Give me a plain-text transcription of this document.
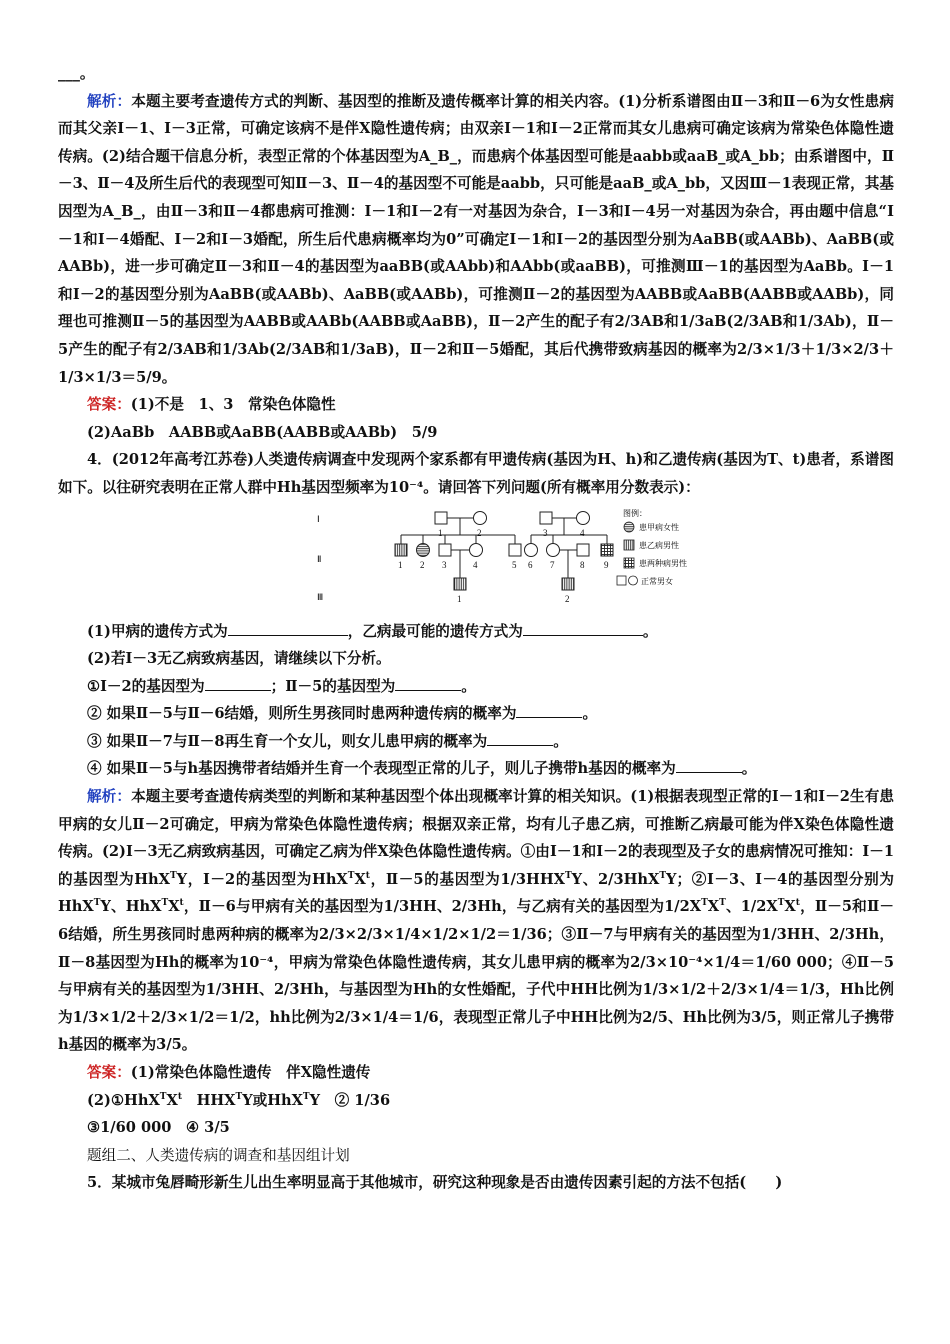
___。

解析：本题主要考查遗传方式的判断、基因型的推断及遗传概率计算的相关内容。(1)分析系谱图由Ⅱ－3和Ⅱ－6为女性患病而其父亲Ⅰ－1、Ⅰ－3正常，可确定该病不是伴X隐性遗传病；由双亲Ⅰ－1和Ⅰ－2正常而其女儿患病可确定该病为常染色体隐性遗传病。(2)结合题干信息分析，表型正常的个体基因型为A_B_，而患病个体基因型可能是aabb或aaB_或A_bb；由系谱图中，Ⅱ－3、Ⅱ－4及所生后代的表现型可知Ⅱ－3、Ⅱ－4的基因型不可能是aabb，只可能是aaB_或A_bb，又因Ⅲ－1表现正常，其基因型为A_B_，由Ⅱ－3和Ⅱ－4都患病可推测：Ⅰ－1和Ⅰ－2有一对基因为杂合，Ⅰ－3和Ⅰ－4另一对基因为杂合，再由题中信息“Ⅰ－1和Ⅰ－4婚配、Ⅰ－2和Ⅰ－3婚配，所生后代患病概率均为0”可确定Ⅰ－1和Ⅰ－2的基因型分别为AaBB(或AABb)、AaBB(或AABb)，进一步可确定Ⅱ－3和Ⅱ－4的基因型为aaBB(或AAbb)和AAbb(或aaBB)，可推测Ⅲ－1的基因型为AaBb。Ⅰ－1和Ⅰ－2的基因型分别为AaBB(或AABb)、AaBB(或AABb)，可推测Ⅱ－2的基因型为AABB或AaBB(AABB或AABb)，同理也可推测Ⅱ－5的基因型为AABB或AABb(AABB或AaBB)，Ⅱ－2产生的配子有2/3AB和1/3aB(2/3AB和1/3Ab)，Ⅱ－5产生的配子有2/3AB和1/3Ab(2/3AB和1/3aB)，Ⅱ－2和Ⅱ－5婚配，其后代携带致病基因的概率为2/3×1/3＋1/3×2/3＋1/3×1/3＝5/9。

答案：(1)不是　1、3　常染色体隐性

(2)AaBb　AABB或AaBB(AABB或AABb)　5/9

4．(2012年高考江苏卷)人类遗传病调查中发现两个家系都有甲遗传病(基因为H、h)和乙遗传病(基因为T、t)患者，系谱图如下。以往研究表明在正常人群中Hh基因型频率为10⁻⁴。请回答下列问题(所有概率用分数表示)：

Ⅰ
Ⅱ
Ⅲ
1	2	3	4
1 2 3	4	5 6 7	8 9
1	2
图例：
患甲病女性
患乙病男性
患两种病男性
正常男女

(1)甲病的遗传方式为	，乙病最可能的遗传方式为	。

(2)若Ⅰ－3无乙病致病基因，请继续以下分析。

①Ⅰ－2的基因型为	；Ⅱ－5的基因型为	。

② 如果Ⅱ－5与Ⅱ－6结婚，则所生男孩同时患两种遗传病的概率为	。

③ 如果Ⅱ－7与Ⅱ－8再生育一个女儿，则女儿患甲病的概率为	。

④ 如果Ⅱ－5与h基因携带者结婚并生育一个表现型正常的儿子，则儿子携带h基因的概率为	。

解析：本题主要考查遗传病类型的判断和某种基因型个体出现概率计算的相关知识。(1)根据表现型正常的Ⅰ－1和Ⅰ－2生有患甲病的女儿Ⅱ－2可确定，甲病为常染色体隐性遗传病；根据双亲正常，均有儿子患乙病，可推断乙病最可能为伴X染色体隐性遗传病。(2)Ⅰ－3无乙病致病基因，可确定乙病为伴X染色体隐性遗传病。①由Ⅰ－1和Ⅰ－2的表现型及子女的患病情况可推知：Ⅰ－1的基因型为HhX$^T$Y，Ⅰ－2的基因型为$HhX^TX^t$，Ⅱ－5的基因型为$1/3HHX^TY$、2/3HhX$^T$Y；②Ⅰ－3、Ⅰ－4的基因型分别为HhX$^T$Y、$HhX^TX^t$，Ⅱ－6与甲病有关的基因型为1/3HH、2/3Hh，与乙病有关的基因型为$1/2X^TX^T$、$1/2X^TX^t$，Ⅱ－5和Ⅱ－6结婚，所生男孩同时患两种病的概率为2/3×2/3×1/4×1/2×1/2＝1/36；③Ⅱ－7与甲病有关的基因型为1/3HH、2/3Hh，Ⅱ－8基因型为Hh的概率为10⁻⁴，甲病为常染色体隐性遗传病，其女儿患甲病的概率为2/3×10⁻⁴×1/4＝1/60 000；④Ⅱ－5与甲病有关的基因型为1/3HH、2/3Hh，与基因型为Hh的女性婚配，子代中HH比例为1/3×1/2＋2/3×1/4＝1/3，Hh比例为1/3×1/2＋2/3×1/2＝1/2，hh比例为2/3×1/4＝1/6，表现型正常儿子中HH比例为2/5、Hh比例为3/5，则正常儿子携带h基因的概率为3/5。

答案：(1)常染色体隐性遗传　伴X隐性遗传

$(2)①HhX^TX^t$　$HHX^TY$或HhX$^T$Y　② 1/36

③1/60 000　④ 3/5

题组二、人类遗传病的调查和基因组计划

5．某城市兔唇畸形新生儿出生率明显高于其他城市，研究这种现象是否由遗传因素引起的方法不包括(　　)
